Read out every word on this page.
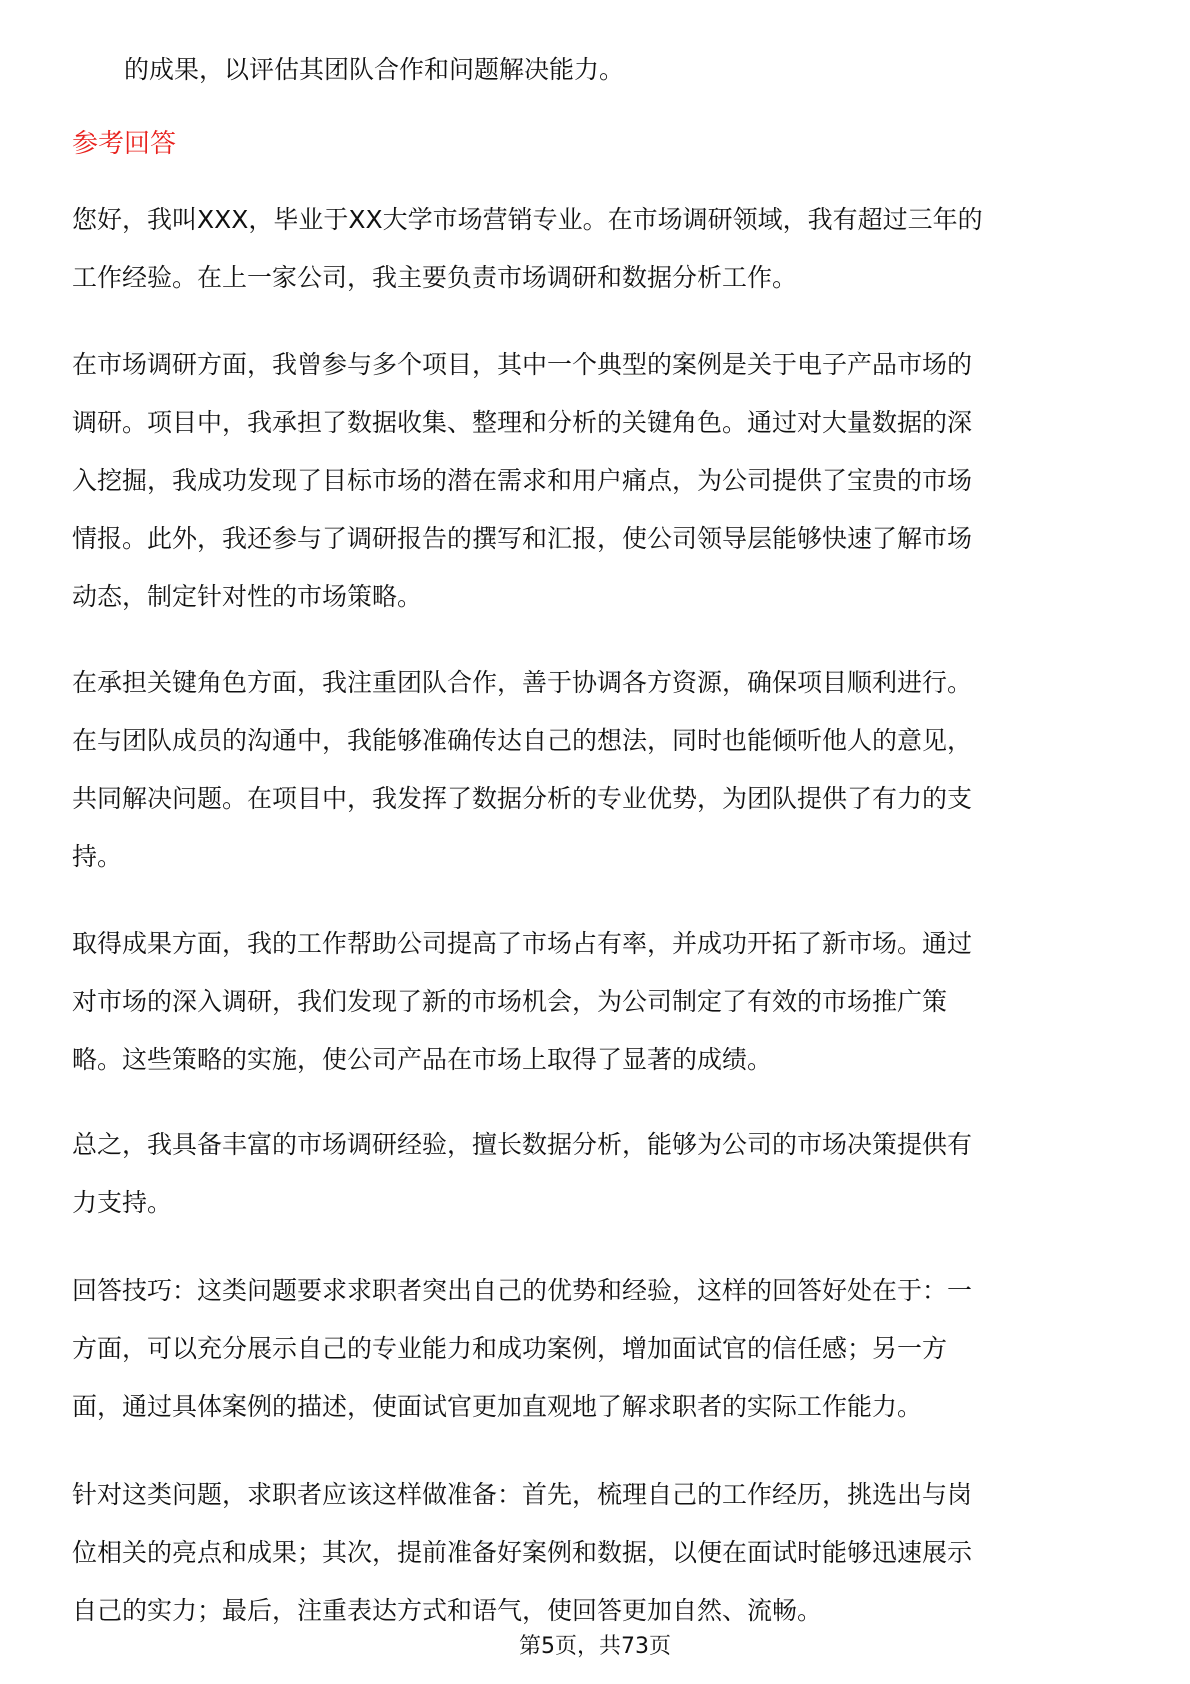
的成果，以评估其团队合作和问题解决能力。
参考回答
您好，我叫XXX，毕业于XX大学市场营销专业。在市场调研领域，我有超过三年的
工作经验。在上一家公司，我主要负责市场调研和数据分析工作。
在市场调研方面，我曾参与多个项目，其中一个典型的案例是关于电子产品市场的
调研。项目中，我承担了数据收集、整理和分析的关键角色。通过对大量数据的深
入挖掘，我成功发现了目标市场的潜在需求和用户痛点，为公司提供了宝贵的市场
情报。此外，我还参与了调研报告的撰写和汇报，使公司领导层能够快速了解市场
动态，制定针对性的市场策略。
在承担关键角色方面，我注重团队合作，善于协调各方资源，确保项目顺利进行。
在与团队成员的沟通中，我能够准确传达自己的想法，同时也能倾听他人的意见，
共同解决问题。在项目中，我发挥了数据分析的专业优势，为团队提供了有力的支
持。
取得成果方面，我的工作帮助公司提高了市场占有率，并成功开拓了新市场。通过
对市场的深入调研，我们发现了新的市场机会，为公司制定了有效的市场推广策
略。这些策略的实施，使公司产品在市场上取得了显著的成绩。
总之，我具备丰富的市场调研经验，擅长数据分析，能够为公司的市场决策提供有
力支持。
回答技巧：这类问题要求求职者突出自己的优势和经验，这样的回答好处在于：一
方面，可以充分展示自己的专业能力和成功案例，增加面试官的信任感；另一方
面，通过具体案例的描述，使面试官更加直观地了解求职者的实际工作能力。
针对这类问题，求职者应该这样做准备：首先，梳理自己的工作经历，挑选出与岗
位相关的亮点和成果；其次，提前准备好案例和数据，以便在面试时能够迅速展示
自己的实力；最后，注重表达方式和语气，使回答更加自然、流畅。
第5页，共73页
